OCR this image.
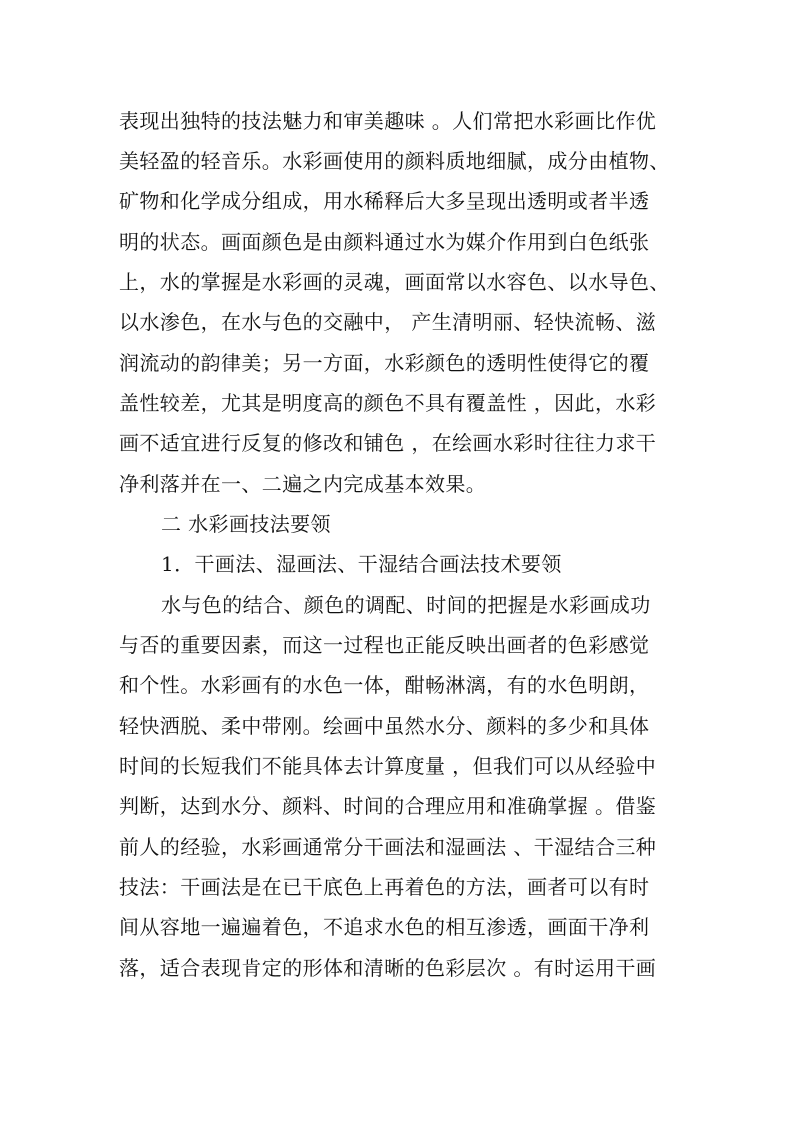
表现出独特的技法魅力和审美趣味 。人们常把水彩画比作优
美轻盈的轻音乐。水彩画使用的颜料质地细腻，成分由植物、
矿物和化学成分组成，用水稀释后大多呈现出透明或者半透
明的状态。画面颜色是由颜料通过水为媒介作用到白色纸张
上，水的掌握是水彩画的灵魂，画面常以水容色、以水导色、
以水渗色，在水与色的交融中， 产生清明丽、轻快流畅、滋
润流动的韵律美；另一方面，水彩颜色的透明性使得它的覆
盖性较差，尤其是明度高的颜色不具有覆盖性 ，因此，水彩
画不适宜进行反复的修改和铺色 ，在绘画水彩时往往力求干
净利落并在一、二遍之内完成基本效果。
二 水彩画技法要领
1．干画法、湿画法、干湿结合画法技术要领
水与色的结合、颜色的调配、时间的把握是水彩画成功
与否的重要因素，而这一过程也正能反映出画者的色彩感觉
和个性。水彩画有的水色一体，酣畅淋漓，有的水色明朗，
轻快洒脱、柔中带刚。绘画中虽然水分、颜料的多少和具体
时间的长短我们不能具体去计算度量 ，但我们可以从经验中
判断，达到水分、颜料、时间的合理应用和准确掌握 。借鉴
前人的经验，水彩画通常分干画法和湿画法 、干湿结合三种
技法：干画法是在已干底色上再着色的方法，画者可以有时
间从容地一遍遍着色，不追求水色的相互渗透，画面干净利
落，适合表现肯定的形体和清晰的色彩层次 。有时运用干画
